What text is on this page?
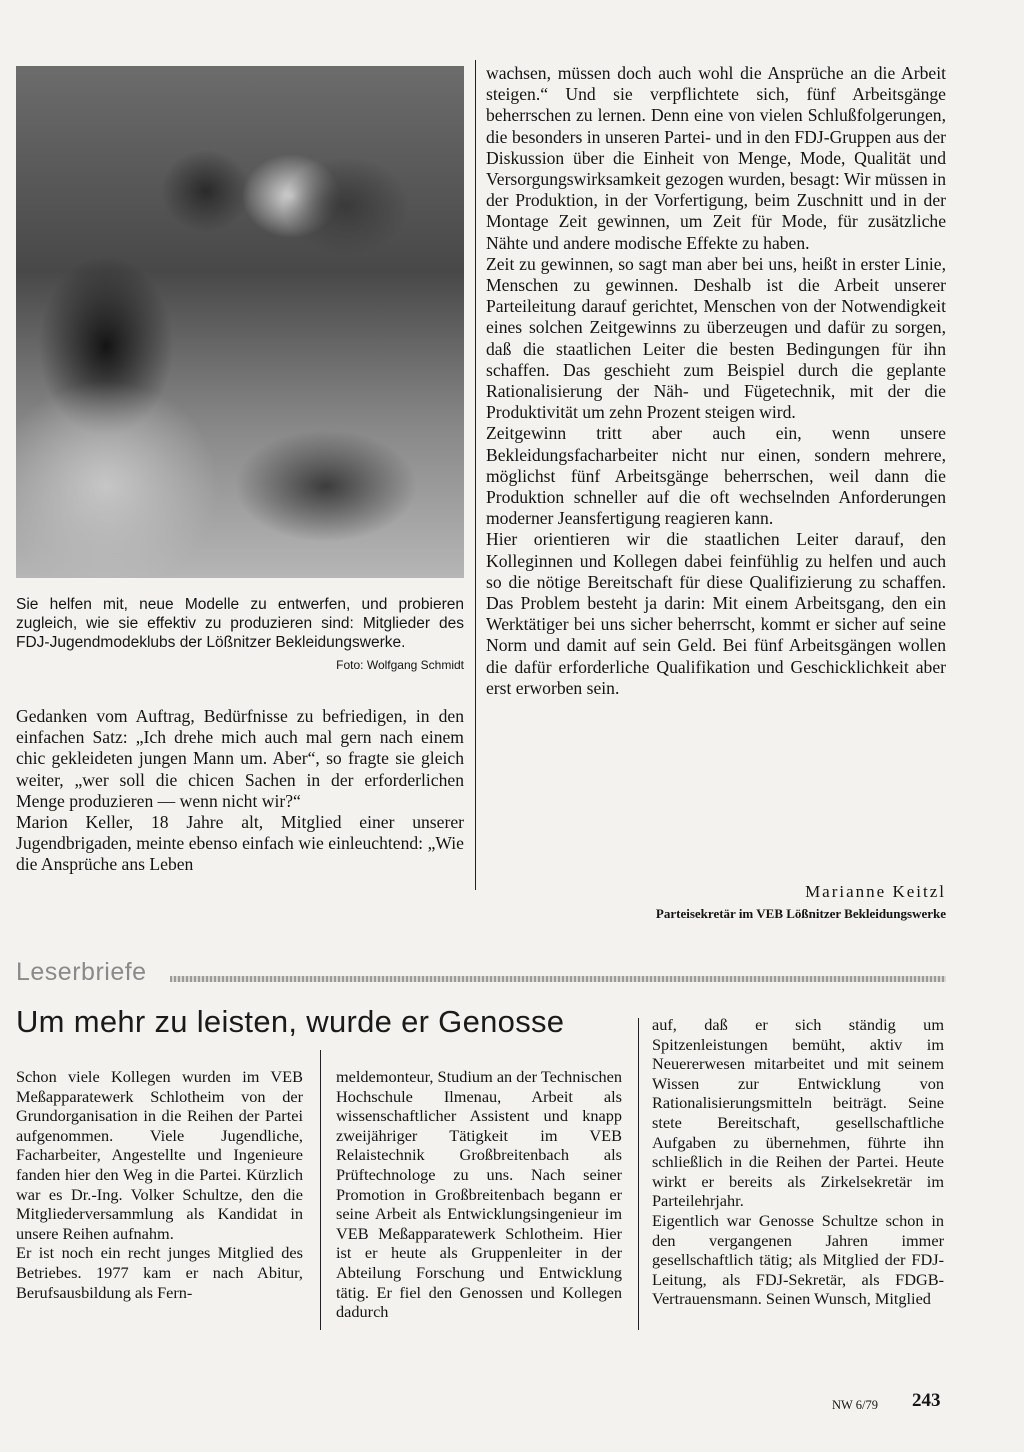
Sie helfen mit, neue Modelle zu entwerfen, und probieren zugleich, wie sie effektiv zu produzieren sind: Mitglieder des FDJ-Jugendmodeklubs der Lößnitzer Bekleidungswerke.
Foto: Wolfgang Schmidt

Gedanken vom Auftrag, Bedürfnisse zu befriedigen, in den einfachen Satz: „Ich drehe mich auch mal gern nach einem chic gekleideten jungen Mann um. Aber“, so fragte sie gleich weiter, „wer soll die chicen Sachen in der erforderlichen Menge produzieren — wenn nicht wir?“

Marion Keller, 18 Jahre alt, Mitglied einer unserer Jugendbrigaden, meinte ebenso einfach wie einleuchtend: „Wie die Ansprüche ans Leben

wachsen, müssen doch auch wohl die Ansprüche an die Arbeit steigen.“ Und sie verpflichtete sich, fünf Arbeitsgänge beherrschen zu lernen. Denn eine von vielen Schlußfolgerungen, die besonders in unseren Partei- und in den FDJ-Gruppen aus der Diskussion über die Einheit von Menge, Mode, Qualität und Versorgungswirksamkeit gezogen wurden, besagt: Wir müssen in der Produktion, in der Vorfertigung, beim Zuschnitt und in der Montage Zeit gewinnen, um Zeit für Mode, für zusätzliche Nähte und andere modische Effekte zu haben.

Zeit zu gewinnen, so sagt man aber bei uns, heißt in erster Linie, Menschen zu gewinnen. Deshalb ist die Arbeit unserer Parteileitung darauf gerichtet, Menschen von der Notwendigkeit eines solchen Zeitgewinns zu überzeugen und dafür zu sorgen, daß die staatlichen Leiter die besten Bedingungen für ihn schaffen. Das geschieht zum Beispiel durch die geplante Rationalisierung der Näh- und Fügetechnik, mit der die Produktivität um zehn Prozent steigen wird.

Zeitgewinn tritt aber auch ein, wenn unsere Bekleidungsfacharbeiter nicht nur einen, sondern mehrere, möglichst fünf Arbeitsgänge beherrschen, weil dann die Produktion schneller auf die oft wechselnden Anforderungen moderner Jeansfertigung reagieren kann.

Hier orientieren wir die staatlichen Leiter darauf, den Kolleginnen und Kollegen dabei feinfühlig zu helfen und auch so die nötige Bereitschaft für diese Qualifizierung zu schaffen. Das Problem besteht ja darin: Mit einem Arbeitsgang, den ein Werktätiger bei uns sicher beherrscht, kommt er sicher auf seine Norm und damit auf sein Geld. Bei fünf Arbeitsgängen wollen die dafür erforderliche Qualifikation und Geschicklichkeit aber erst erworben sein.

Marianne Keitzl
Parteisekretär im VEB Lößnitzer Bekleidungswerke
Leserbriefe
Um mehr zu leisten, wurde er Genosse

Schon viele Kollegen wurden im VEB Meßapparatewerk Schlotheim von der Grundorganisation in die Reihen der Partei aufgenommen. Viele Jugendliche, Facharbeiter, Angestellte und Ingenieure fanden hier den Weg in die Partei. Kürzlich war es Dr.-Ing. Volker Schultze, den die Mitgliederversammlung als Kandidat in unsere Reihen aufnahm.

Er ist noch ein recht junges Mitglied des Betriebes. 1977 kam er nach Abitur, Berufsausbildung als Fern-

meldemonteur, Studium an der Technischen Hochschule Ilmenau, Arbeit als wissenschaftlicher Assistent und knapp zweijähriger Tätigkeit im VEB Relaistechnik Großbreitenbach als Prüftechnologe zu uns. Nach seiner Promotion in Großbreitenbach begann er seine Arbeit als Entwicklungsingenieur im VEB Meßapparatewerk Schlotheim. Hier ist er heute als Gruppenleiter in der Abteilung Forschung und Entwicklung tätig. Er fiel den Genossen und Kollegen dadurch

auf, daß er sich ständig um Spitzenleistungen bemüht, aktiv im Neuererwesen mitarbeitet und mit seinem Wissen zur Entwicklung von Rationalisierungsmitteln beiträgt. Seine stete Bereitschaft, gesellschaftliche Aufgaben zu übernehmen, führte ihn schließlich in die Reihen der Partei. Heute wirkt er bereits als Zirkelsekretär im Parteilehrjahr.

Eigentlich war Genosse Schultze schon in den vergangenen Jahren immer gesellschaftlich tätig; als Mitglied der FDJ-Leitung, als FDJ-Sekretär, als FDGB-Vertrauensmann. Seinen Wunsch, Mitglied

NW 6/79 243
